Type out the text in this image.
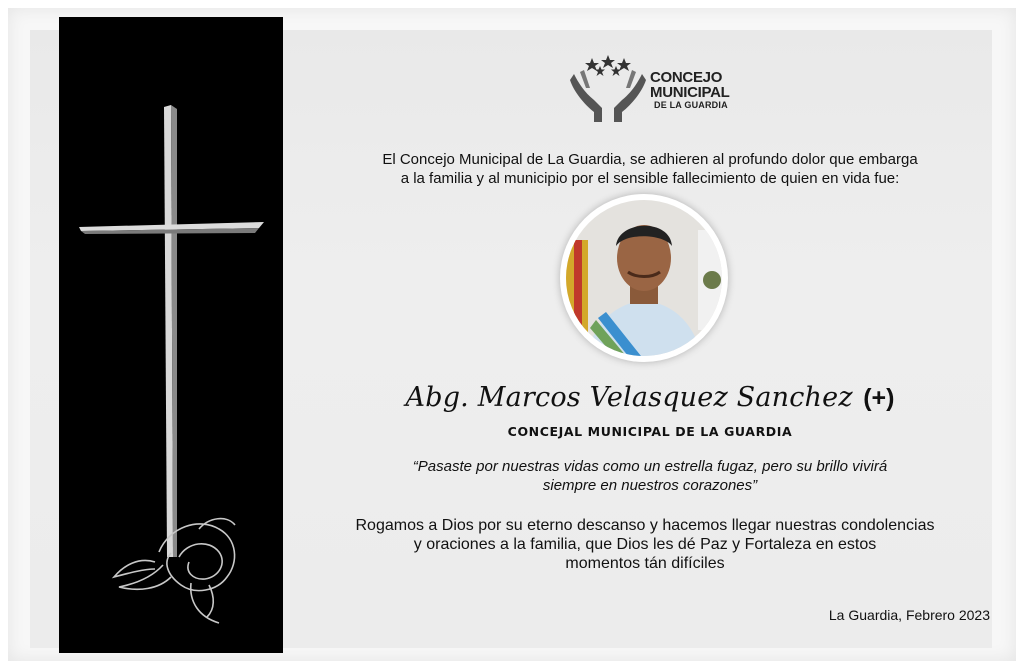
CONCEJO
MUNICIPAL
DE LA GUARDIA
El Concejo Municipal de La Guardia, se adhieren al profundo dolor que embarga
a la familia y al municipio por el sensible fallecimiento de quien en vida fue:
Abg. Marcos Velasquez Sanchez (+)
CONCEJAL MUNICIPAL DE LA GUARDIA
“Pasaste por nuestras vidas como un estrella fugaz, pero su brillo vivirá
siempre en nuestros corazones”
Rogamos a Dios por su eterno descanso y hacemos llegar nuestras condolencias
y oraciones a la familia, que Dios les dé Paz y Fortaleza en estos
momentos tán difíciles
La Guardia, Febrero 2023
